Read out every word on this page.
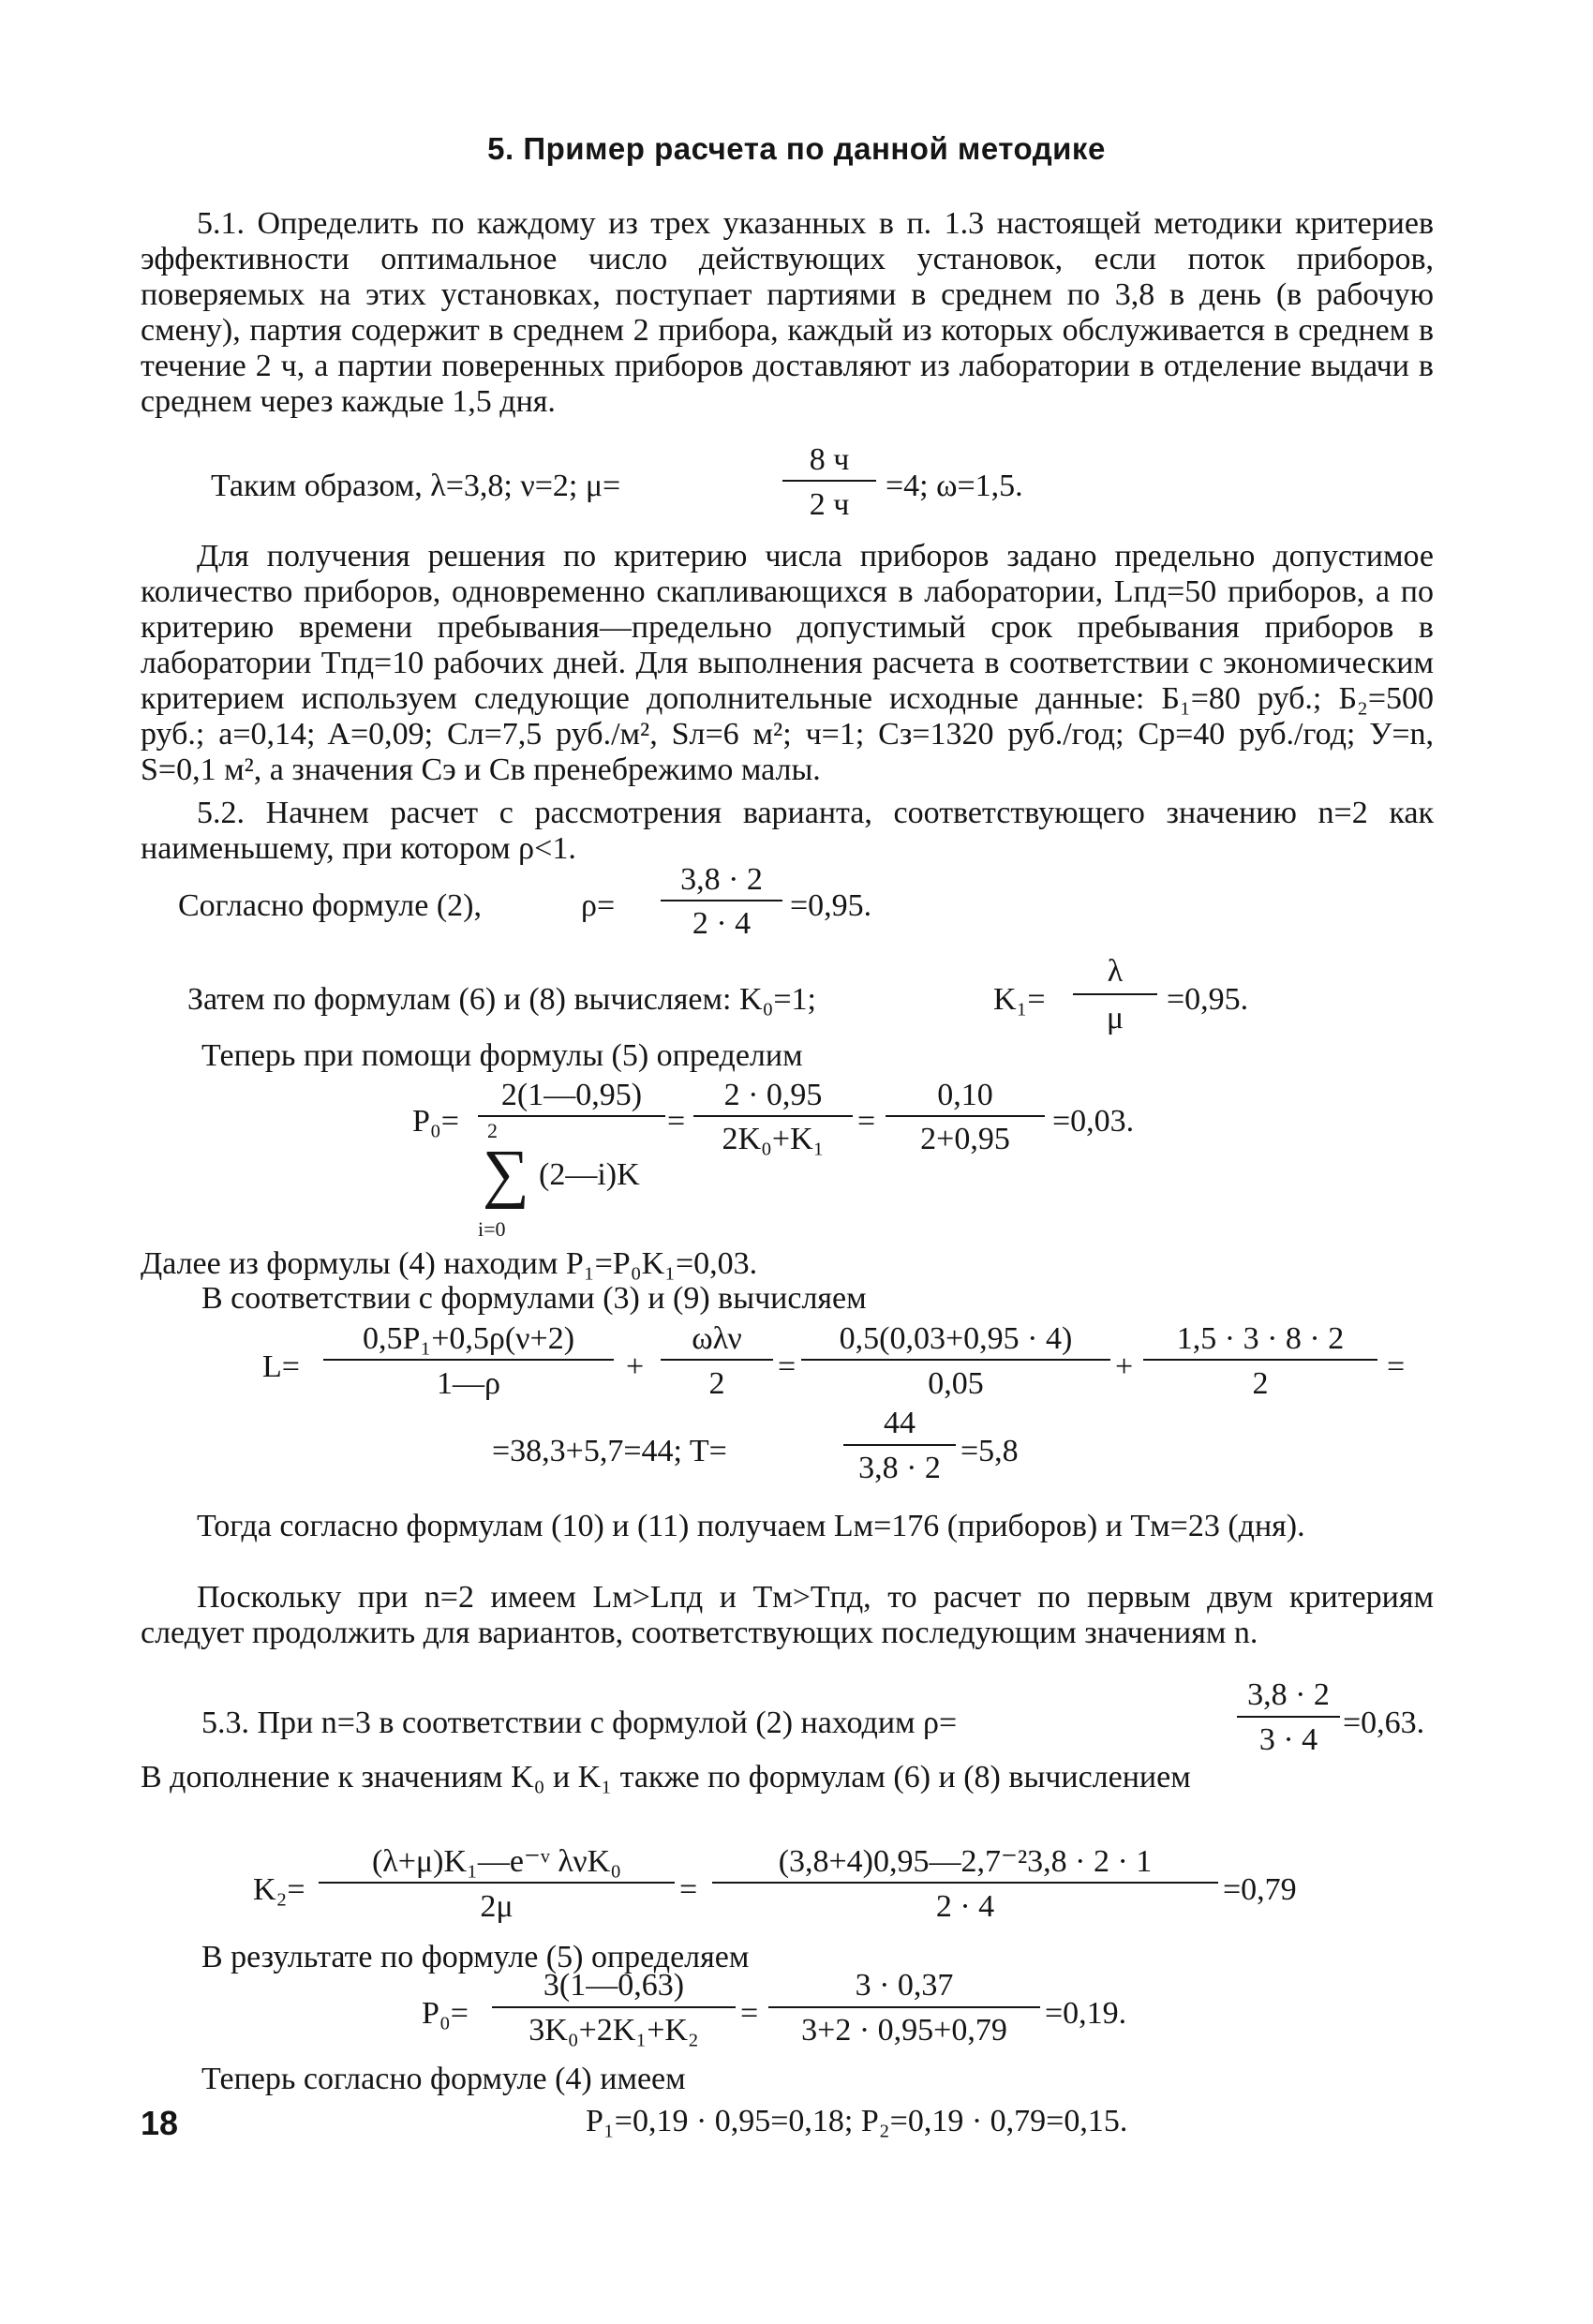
5. Пример расчета по данной методике
5.1. Определить по каждому из трех указанных в п. 1.3 настоящей методики критериев эффективности оптимальное число действующих установок, если поток приборов, поверяемых на этих установках, поступает партиями в среднем по 3,8 в день (в рабочую смену), партия содержит в среднем 2 прибора, каждый из которых обслуживается в среднем в течение 2 ч, а партии поверенных приборов доставляют из лаборатории в отделение выдачи в среднем через каждые 1,5 дня.
Таким образом, λ=3,8; ν=2; μ=
8 ч
2 ч
=4; ω=1,5.
Для получения решения по критерию числа приборов задано предельно допустимое количество приборов, одновременно скапливающихся в лаборатории, Lпд=50 приборов, а по критерию времени пребывания—предельно допустимый срок пребывания приборов в лаборатории Tпд=10 рабочих дней. Для выполнения расчета в соответствии с экономическим критерием используем следующие дополнительные исходные данные: Б₁=80 руб.; Б₂=500 руб.; a=0,14; A=0,09; Cл=7,5 руб./м², Sл=6 м²; ч=1; Cз=1320 руб./год; Cр=40 руб./год; У=n, S=0,1 м², а значения Cэ и Cв пренебрежимо малы.
5.2. Начнем расчет с рассмотрения варианта, соответствующего значению n=2 как наименьшему, при котором ρ<1.
Согласно формуле (2),	ρ=
3,8 · 2
2 · 4
=0,95.
Затем по формулам (6) и (8) вычисляем: K₀=1;	K₁=
λ
μ
=0,95.
Теперь при помощи формулы (5) определим
P₀=
2(1—0,95)
2
∑ (2—i)K
i=0
=
2 · 0,95
2K₀+K₁
=
0,10
2+0,95
=0,03.
Далее из формулы (4) находим P₁=P₀K₁=0,03.
В соответствии с формулами (3) и (9) вычисляем
L=
0,5P₁+0,5ρ(ν+2)
1—ρ	+
ωλν
2	=
0,5(0,03+0,95 · 4)
0,05	+
1,5 · 3 · 8 · 2
2	=
=38,3+5,7=44; T=
44
3,8 · 2 =5,8
Тогда согласно формулам (10) и (11) получаем Lм=176 (приборов) и Tм=23 (дня).
Поскольку при n=2 имеем Lм>Lпд и Tм>Tпд, то расчет по первым двум критериям следует продолжить для вариантов, соответствующих последующим значениям n.
5.3. При n=3 в соответствии с формулой (2) находим ρ=
3,8 · 2
3 · 4 =0,63.
В дополнение к значениям K₀ и K₁ также по формулам (6) и (8) вычислением
K₂=
(λ+μ)K₁—e⁻ᵛ λνK₀
2μ	=
(3,8+4)0,95—2,7⁻²3,8 · 2 · 1
2 · 4	=0,79
В результате по формуле (5) определяем
P₀=
3(1—0,63)
3K₀+2K₁+K₂	=
3 · 0,37
3+2 · 0,95+0,79	=0,19.
Теперь согласно формуле (4) имеем
P₁=0,19 · 0,95=0,18; P₂=0,19 · 0,79=0,15.
18
